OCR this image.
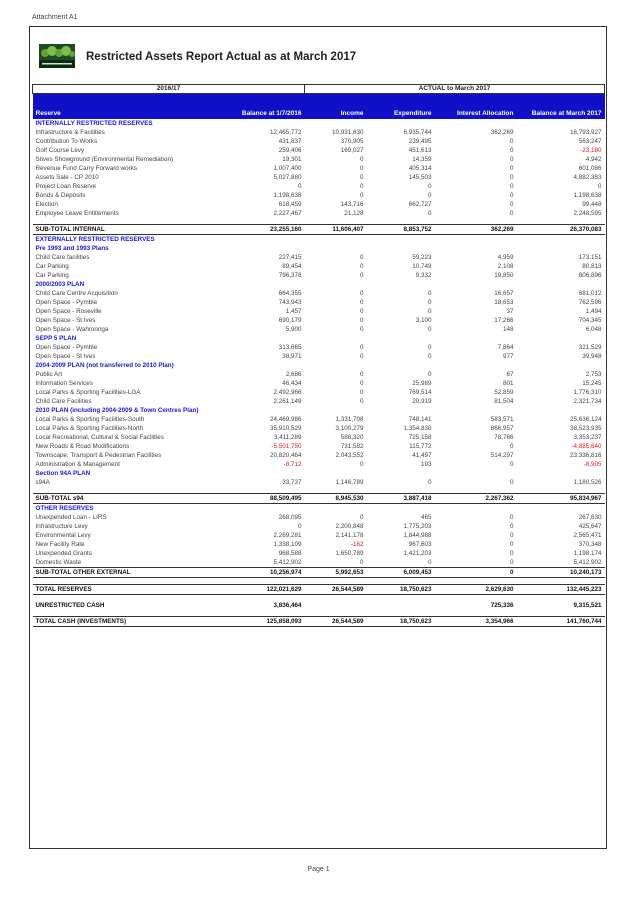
Attachment A1
Restricted Assets Report Actual as at March 2017
2016/17		ACTUAL to March 2017			
Reserve	Balance at 1/7/2016	Income	Expenditure	Interest Allocation	Balance at March 2017
INTERNALLY RESTRICTED RESERVES					
Infrastructure & Facilities	12,465,772	10,931,630	6,935,744	362,269	16,793,927
Contribution To Works	431,837	370,905	239,495	0	563,247
Golf Course Levy	259,406	169,027	451,613	0	-23,180
Stives Showground (Environmental Remediation)	19,301	0	14,359	0	4,942
Revenue Fund Carry Forward works	1,007,400	0	405,314	0	601,086
Assets Sale - CP 2010	5,027,880	0	145,503	0	4,882,383
Project Loan Reserve	0	0	0	0	0
Bonds & Deposits	1,198,638	0	0	0	1,198,638
Election	618,459	143,716	662,727	0	99,448
Employee Leave Entitlements	2,227,467	21,128	0	0	2,248,595

SUB-TOTAL INTERNAL	23,255,160	11,606,407	8,853,752	362,269	26,370,083
EXTERNALLY RESTRICTED RESERVES					
Pre 1993 and 1993 Plans					
Child Care facilities	227,415	0	59,223	4,959	173,151
Car Parking	89,454	0	10,749	2,108	80,813
Car Parking	796,378	0	9,332	19,850	806,896
2000/2003 PLAN					
Child Care Centre Acquisition	664,355	0	0	16,657	681,012
Open Space - Pymble	743,943	0	0	18,653	762,596
Open Space - Roseville	1,457	0	0	37	1,494
Open Space - St Ives	690,179	0	3,100	17,266	704,345
Open Space - Wahroonga	5,900	0	0	148	6,048
SEPP 5 PLAN					
Open Space - Pymble	313,665	0	0	7,864	321,529
Open Space - St Ives	38,971	0	0	977	39,948
2004-2009 PLAN (not transferred to 2010 Plan)					
Public Art	2,686	0	0	67	2,753
Information Services	46,434	0	25,989	801	15,245
Local Parks & Sporting Facilities-LGA	2,492,966	0	769,514	52,859	1,776,310
Child Care Facilities	2,261,149	0	20,919	81,504	2,321,734
2010 PLAN (including 2004-2009 & Town Centres Plan)					
Local Parks & Sporting Facilities-South	24,469,986	1,331,708	748,141	583,571	25,636,124
Local Parks & Sporting Facilities-North	35,910,529	3,100,279	1,354,830	866,957	38,523,935
Local Recreational, Cultural & Social Facilities	3,411,289	588,320	725,158	78,786	3,353,237
New Roads & Road Modifications	-5,501,750	731,582	115,772	0	-4,885,640
Townscape, Transport & Pedestrian Facilities	20,820,464	2,043,552	41,497	514,297	23,336,816
Administration & Management	-8,712	0	193	0	-8,905
Section 94A PLAN					
s94A	33,737	1,146,789	0	0	1,180,526

SUB-TOTAL s94	88,509,495	8,945,530	3,887,418	2,267,362	95,834,967
OTHER RESERVES					
Unexpended Loan - LIRS	268,095	0	465	0	267,630
Infrastructure Levy	0	2,200,848	1,775,203	0	425,647
Environmental Levy	2,269,281	2,141,178	1,844,988	0	2,565,471
New Facility Rate	1,338,109	-162	967,603	0	370,348
Unexpended Grants	968,588	1,650,789	1,421,203	0	1,198,174
Domestic Waste	5,412,902	0	0	0	5,412,902
SUB-TOTAL OTHER EXTERNAL	10,256,974	5,992,653	6,009,453	0	10,240,173

TOTAL RESERVES	122,021,629	26,544,589	18,750,623	2,629,630	132,445,223

UNRESTRICTED CASH	3,836,464			725,336	9,315,521

TOTAL CASH (INVESTMENTS)	125,858,093	26,544,589	18,750,623	3,354,966	141,760,744
Page 1
